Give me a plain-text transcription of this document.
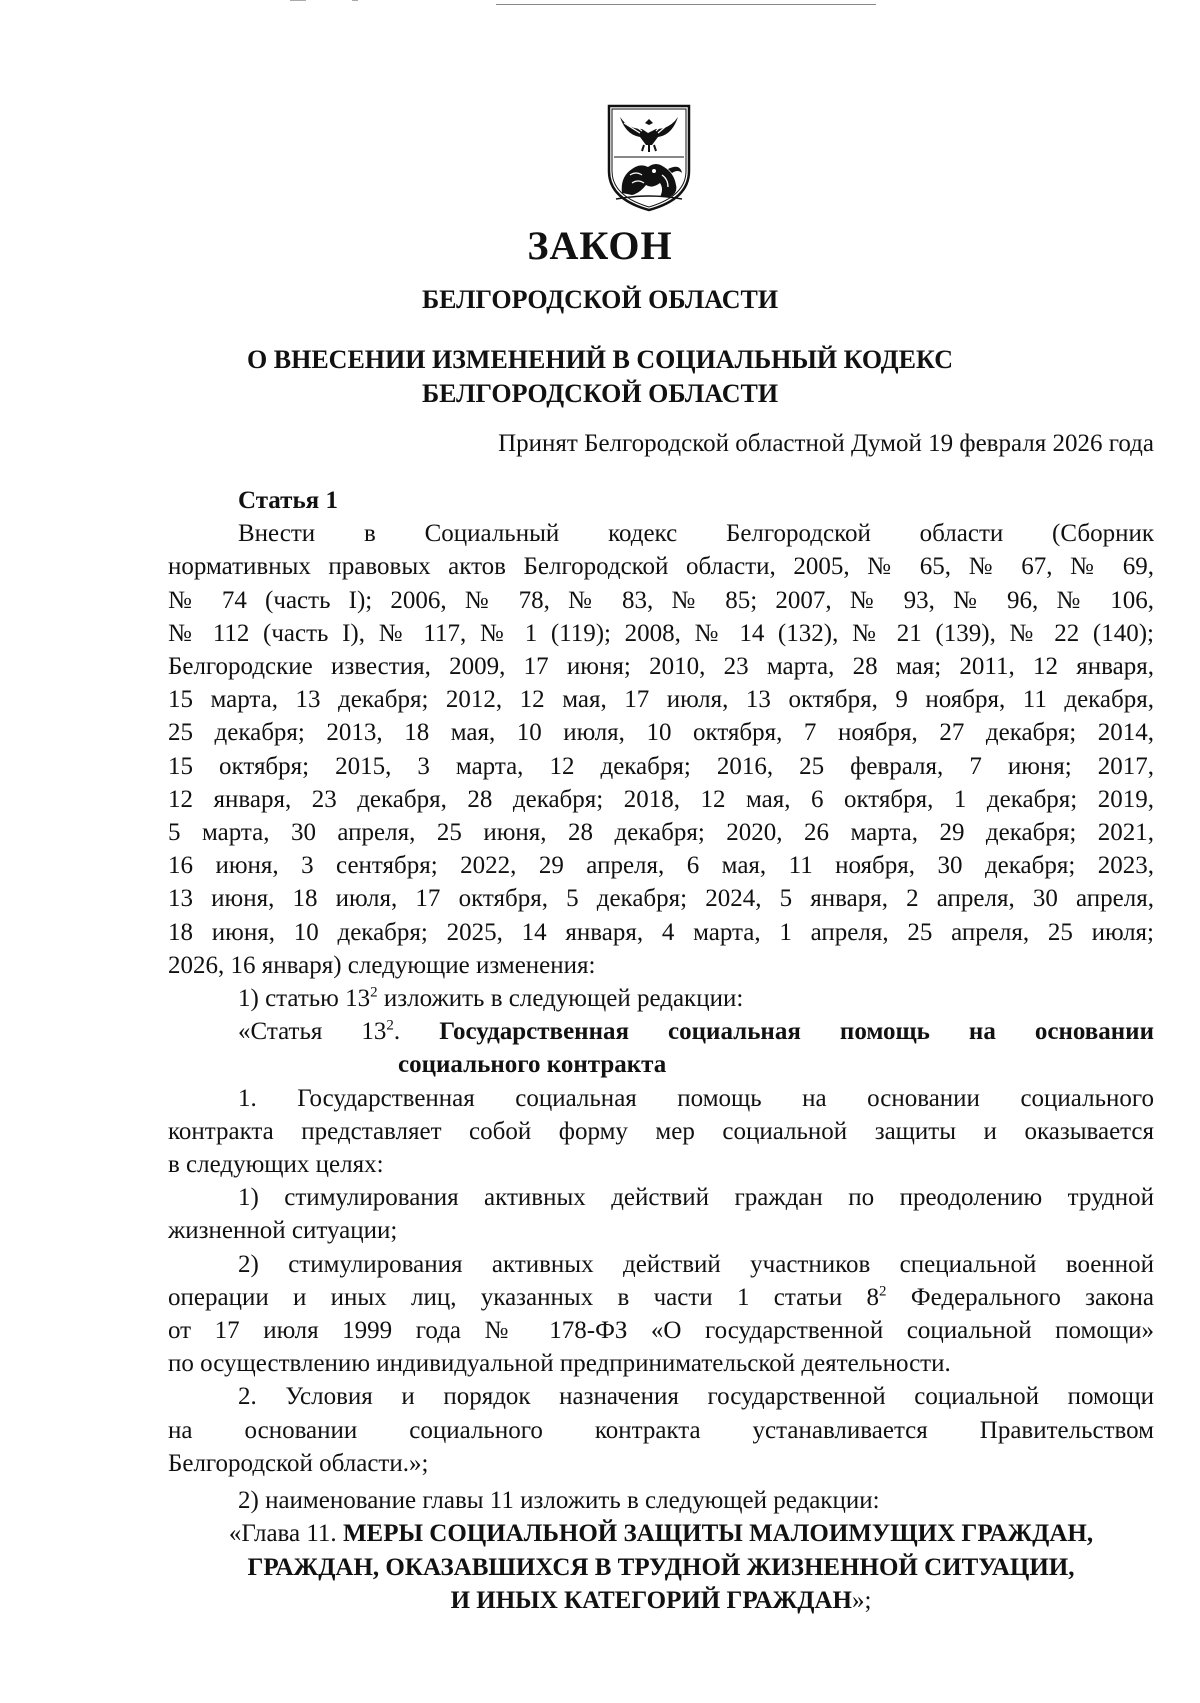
ЗАКОН
БЕЛГОРОДСКОЙ ОБЛАСТИ
О ВНЕСЕНИИ ИЗМЕНЕНИЙ В СОЦИАЛЬНЫЙ КОДЕКС
БЕЛГОРОДСКОЙ ОБЛАСТИ
Принят Белгородской областной Думой 19 февраля 2026 года

Статья 1

Внести в Социальный кодекс Белгородской области (Сборник

нормативных правовых актов Белгородской области, 2005, № 65, № 67, № 69,

№ 74 (часть I); 2006, № 78, № 83, № 85; 2007, № 93, № 96, № 106,

№ 112 (часть I), № 117, № 1 (119); 2008, № 14 (132), № 21 (139), № 22 (140);

Белгородские известия, 2009, 17 июня; 2010, 23 марта, 28 мая; 2011, 12 января,

15 марта, 13 декабря; 2012, 12 мая, 17 июля, 13 октября, 9 ноября, 11 декабря,

25 декабря; 2013, 18 мая, 10 июля, 10 октября, 7 ноября, 27 декабря; 2014,

15 октября; 2015, 3 марта, 12 декабря; 2016, 25 февраля, 7 июня; 2017,

12 января, 23 декабря, 28 декабря; 2018, 12 мая, 6 октября, 1 декабря; 2019,

5 марта, 30 апреля, 25 июня, 28 декабря; 2020, 26 марта, 29 декабря; 2021,

16 июня, 3 сентября; 2022, 29 апреля, 6 мая, 11 ноября, 30 декабря; 2023,

13 июня, 18 июля, 17 октября, 5 декабря; 2024, 5 января, 2 апреля, 30 апреля,

18 июня, 10 декабря; 2025, 14 января, 4 марта, 1 апреля, 25 апреля, 25 июля;

2026, 16 января) следующие изменения:

1) статью $13^2$ изложить в следующей редакции:

«Статья $13^2$. Государственная социальная помощь на основании

социального контракта

1. Государственная социальная помощь на основании социального

контракта представляет собой форму мер социальной защиты и оказывается

в следующих целях:

1) стимулирования активных действий граждан по преодолению трудной

жизненной ситуации;

2) стимулирования активных действий участников специальной военной

операции и иных лиц, указанных в части 1 статьи $8^2$ Федерального закона

от 17 июля 1999 года № 178-ФЗ «О государственной социальной помощи»

по осуществлению индивидуальной предпринимательской деятельности.

2. Условия и порядок назначения государственной социальной помощи

на основании социального контракта устанавливается Правительством

Белгородской области.»;

2) наименование главы 11 изложить в следующей редакции:

«Глава 11. МЕРЫ СОЦИАЛЬНОЙ ЗАЩИТЫ МАЛОИМУЩИХ ГРАЖДАН,

ГРАЖДАН, ОКАЗАВШИХСЯ В ТРУДНОЙ ЖИЗНЕННОЙ СИТУАЦИИ,

И ИНЫХ КАТЕГОРИЙ ГРАЖДАН»;
